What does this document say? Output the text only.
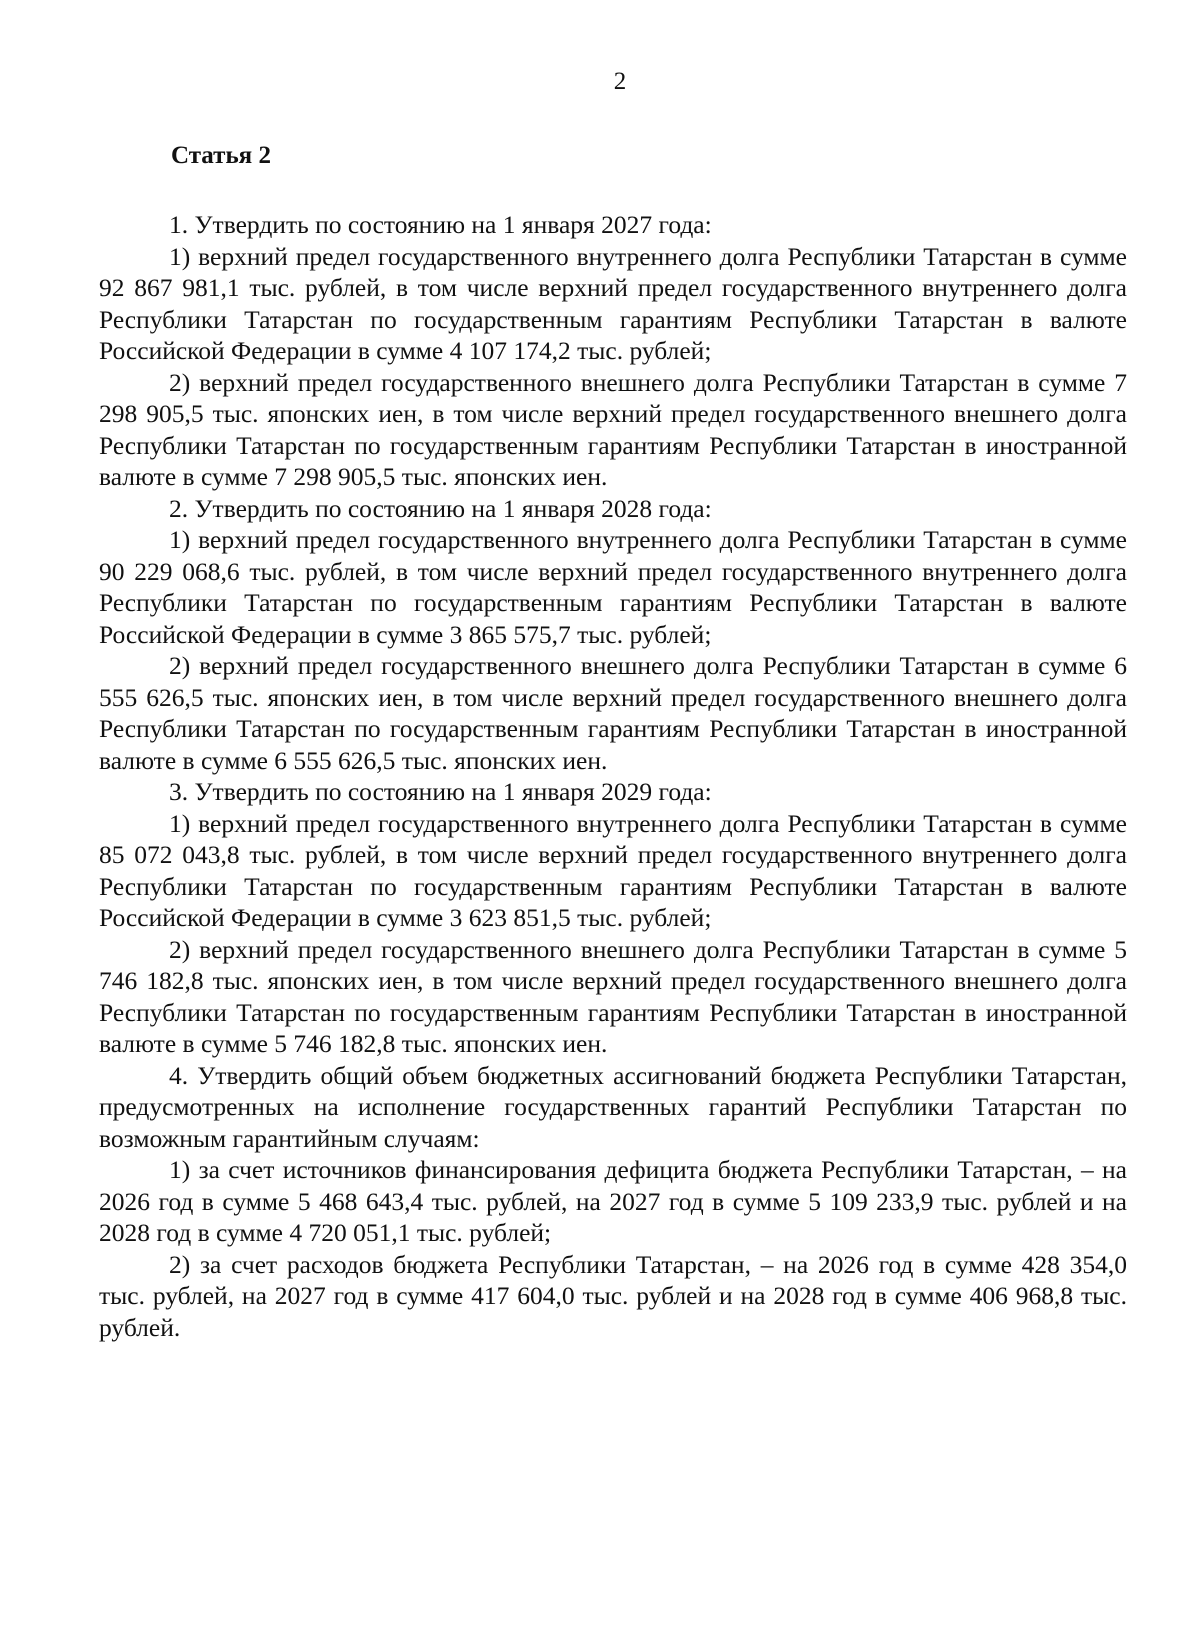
2
Статья 2

1. Утвердить по состоянию на 1 января 2027 года:

1) верхний предел государственного внутреннего долга Республики Татарстан в сумме 92 867 981,1 тыс. рублей, в том числе верхний предел государственного внутреннего долга Республики Татарстан по государственным гарантиям Республики Татарстан в валюте Российской Федерации в сумме 4 107 174,2 тыс. рублей;

2) верхний предел государственного внешнего долга Республики Татарстан в сумме 7 298 905,5 тыс. японских иен, в том числе верхний предел государственного внешнего долга Республики Татарстан по государственным гарантиям Республики Татарстан в иностранной валюте в сумме 7 298 905,5 тыс. японских иен.

2. Утвердить по состоянию на 1 января 2028 года:

1) верхний предел государственного внутреннего долга Республики Татарстан в сумме 90 229 068,6 тыс. рублей, в том числе верхний предел государственного внутреннего долга Республики Татарстан по государственным гарантиям Республики Татарстан в валюте Российской Федерации в сумме 3 865 575,7 тыс. рублей;

2) верхний предел государственного внешнего долга Республики Татарстан в сумме 6 555 626,5 тыс. японских иен, в том числе верхний предел государственного внешнего долга Республики Татарстан по государственным гарантиям Республики Татарстан в иностранной валюте в сумме 6 555 626,5 тыс. японских иен.

3. Утвердить по состоянию на 1 января 2029 года:

1) верхний предел государственного внутреннего долга Республики Татарстан в сумме 85 072 043,8 тыс. рублей, в том числе верхний предел государственного внутреннего долга Республики Татарстан по государственным гарантиям Республики Татарстан в валюте Российской Федерации в сумме 3 623 851,5 тыс. рублей;

2) верхний предел государственного внешнего долга Республики Татарстан в сумме 5 746 182,8 тыс. японских иен, в том числе верхний предел государственного внешнего долга Республики Татарстан по государственным гарантиям Республики Татарстан в иностранной валюте в сумме 5 746 182,8 тыс. японских иен.

4. Утвердить общий объем бюджетных ассигнований бюджета Республики Татарстан, предусмотренных на исполнение государственных гарантий Республики Татарстан по возможным гарантийным случаям:

1) за счет источников финансирования дефицита бюджета Республики Татарстан, – на 2026 год в сумме 5 468 643,4 тыс. рублей, на 2027 год в сумме 5 109 233,9 тыс. рублей и на 2028 год в сумме 4 720 051,1 тыс. рублей;

2) за счет расходов бюджета Республики Татарстан, – на 2026 год в сумме 428 354,0 тыс. рублей, на 2027 год в сумме 417 604,0 тыс. рублей и на 2028 год в сумме 406 968,8 тыс. рублей.
